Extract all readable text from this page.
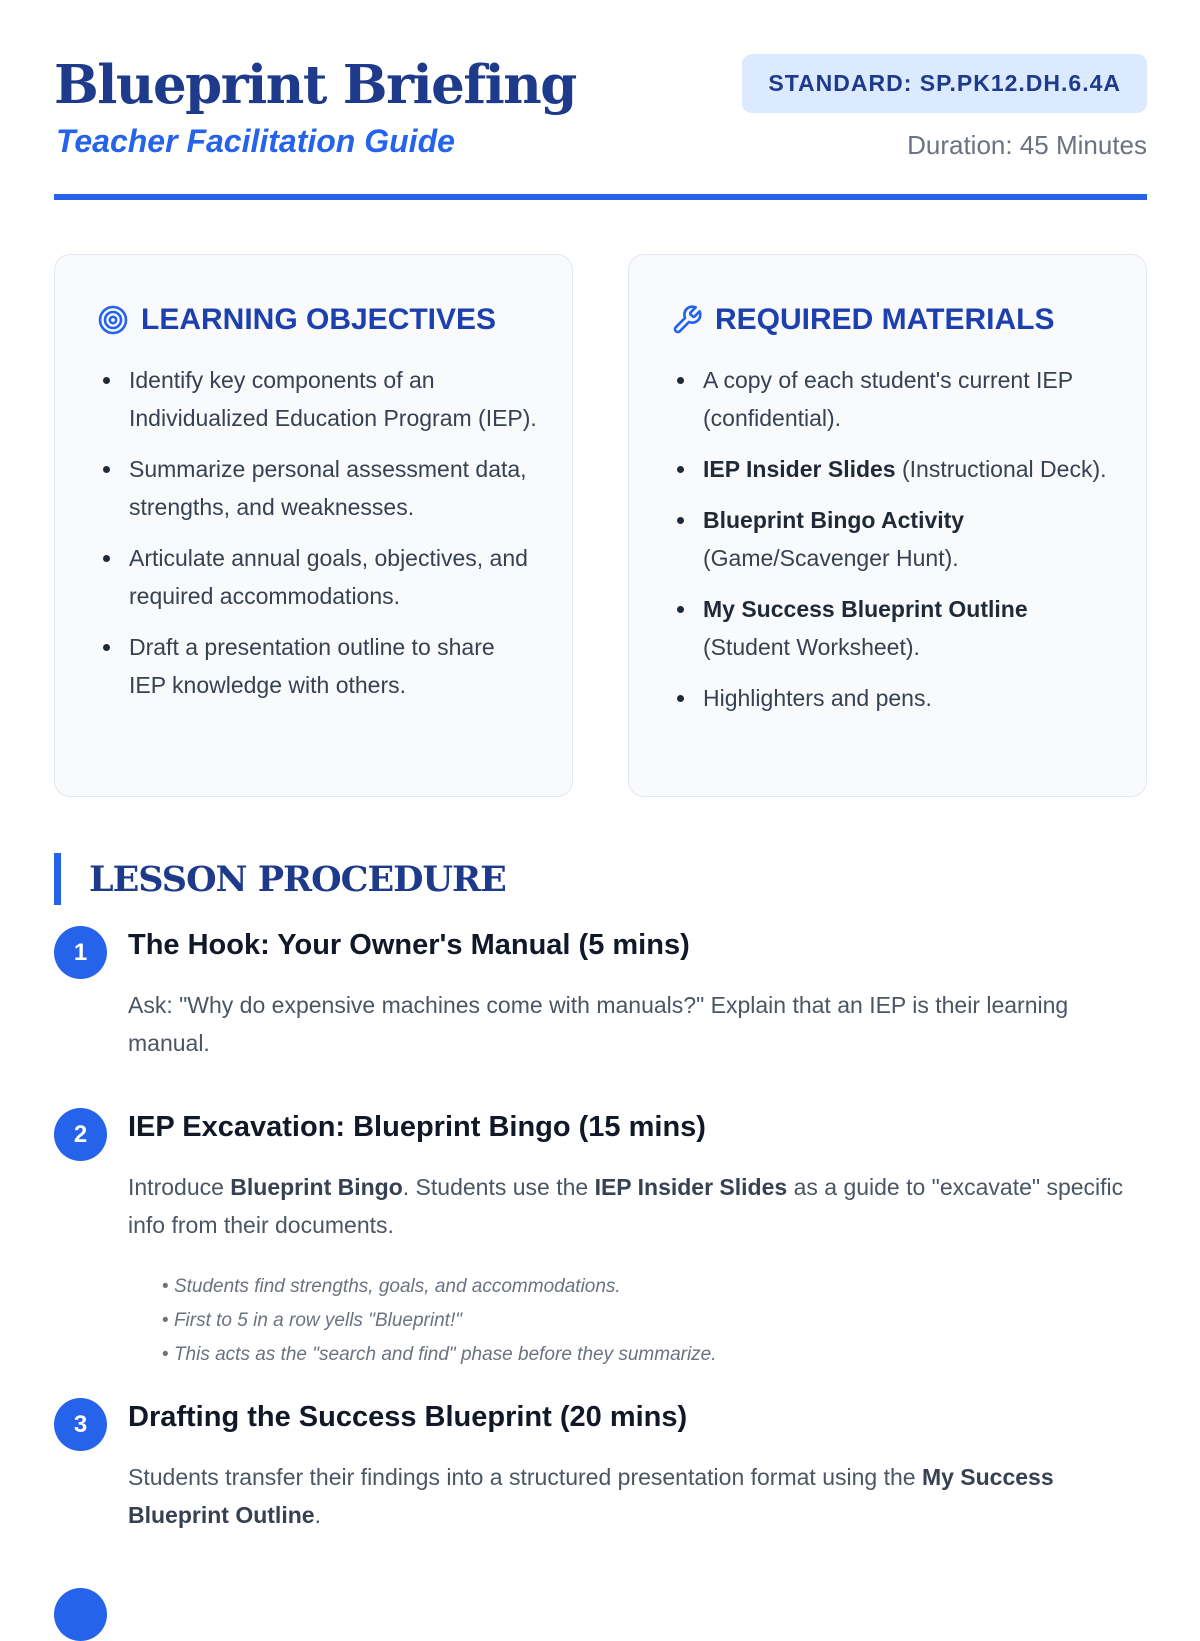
Blueprint Briefing
Teacher Facilitation Guide
STANDARD: SP.PK12.DH.6.4A
Duration: 45 Minutes
LEARNING OBJECTIVES
Identify key components of an Individualized Education Program (IEP).
Summarize personal assessment data, strengths, and weaknesses.
Articulate annual goals, objectives, and required accommodations.
Draft a presentation outline to share IEP knowledge with others.
REQUIRED MATERIALS
A copy of each student's current IEP (confidential).
IEP Insider Slides (Instructional Deck).
Blueprint Bingo Activity (Game/Scavenger Hunt).
My Success Blueprint Outline (Student Worksheet).
Highlighters and pens.
LESSON PROCEDURE
1	The Hook: Your Owner's Manual (5 mins)

Ask: "Why do expensive machines come with manuals?" Explain that an IEP is their learning manual.

2	IEP Excavation: Blueprint Bingo (15 mins)

Introduce Blueprint Bingo. Students use the IEP Insider Slides as a guide to "excavate" specific info from their documents.

• Students find strengths, goals, and accommodations.
• First to 5 in a row yells "Blueprint!"
• This acts as the "search and find" phase before they summarize.
3	Drafting the Success Blueprint (20 mins)

Students transfer their findings into a structured presentation format using the My Success Blueprint Outline.
